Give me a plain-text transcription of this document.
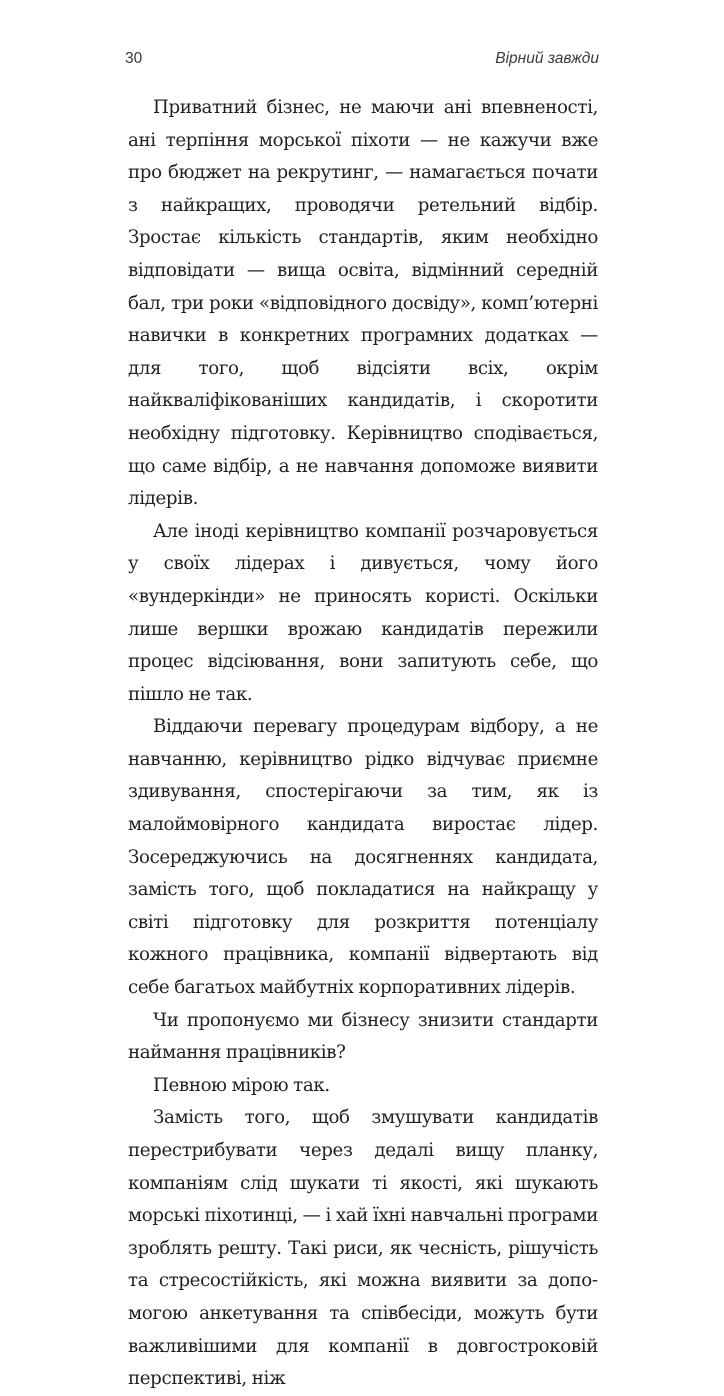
30	Вірний завжди

Приватний бізнес, не маючи ані впевненості, ані терпіння морської піхоти — не кажучи вже про бюджет на рекрутинг, — намагається почати з найкращих, проводячи ретельний відбір. Зростає кількість стандартів, яким необхідно відповідати — вища освіта, відмінний середній бал, три роки «відповідного досвіду», комп’ютерні навички в конкретних програмних додатках — для того, щоб відсіяти всіх, окрім найкваліфікованіших кандидатів, і скоротити необхідну підготовку. Керівництво сподівається, що саме відбір, а не навчання допоможе виявити лідерів.

Але іноді керівництво компанії розчаровується у своїх лідерах і дивується, чому його «вундеркінди» не приносять користі. Оскільки лише вершки врожаю кандидатів пережили процес відсіювання, вони запитують себе, що пішло не так.

Віддаючи перевагу процедурам відбору, а не навчанню, керівництво рідко відчуває приємне здивування, спостерігаючи за тим, як із малоймовірного кандидата виростає лідер. Зосереджуючись на досягненнях кандидата, замість того, щоб покладатися на найкращу у світі підготовку для розкриття потенціалу кожного працівника, компанії відвертають від себе багатьох майбутніх корпоративних лідерів.

Чи пропонуємо ми бізнесу знизити стандарти наймання працівників?

Певною мірою так.

Замість того, щоб змушувати кандидатів перестрибувати через дедалі вищу планку, компаніям слід шукати ті якості, які шукають морські піхотинці, — і хай їхні навчальні програми зроблять решту. Такі риси, як чесність, рішучість та стресостійкість, які можна виявити за допомогою анкетування та співбесіди, можуть бути важливішими для компанії в довгостроковій перспективі, ніж
